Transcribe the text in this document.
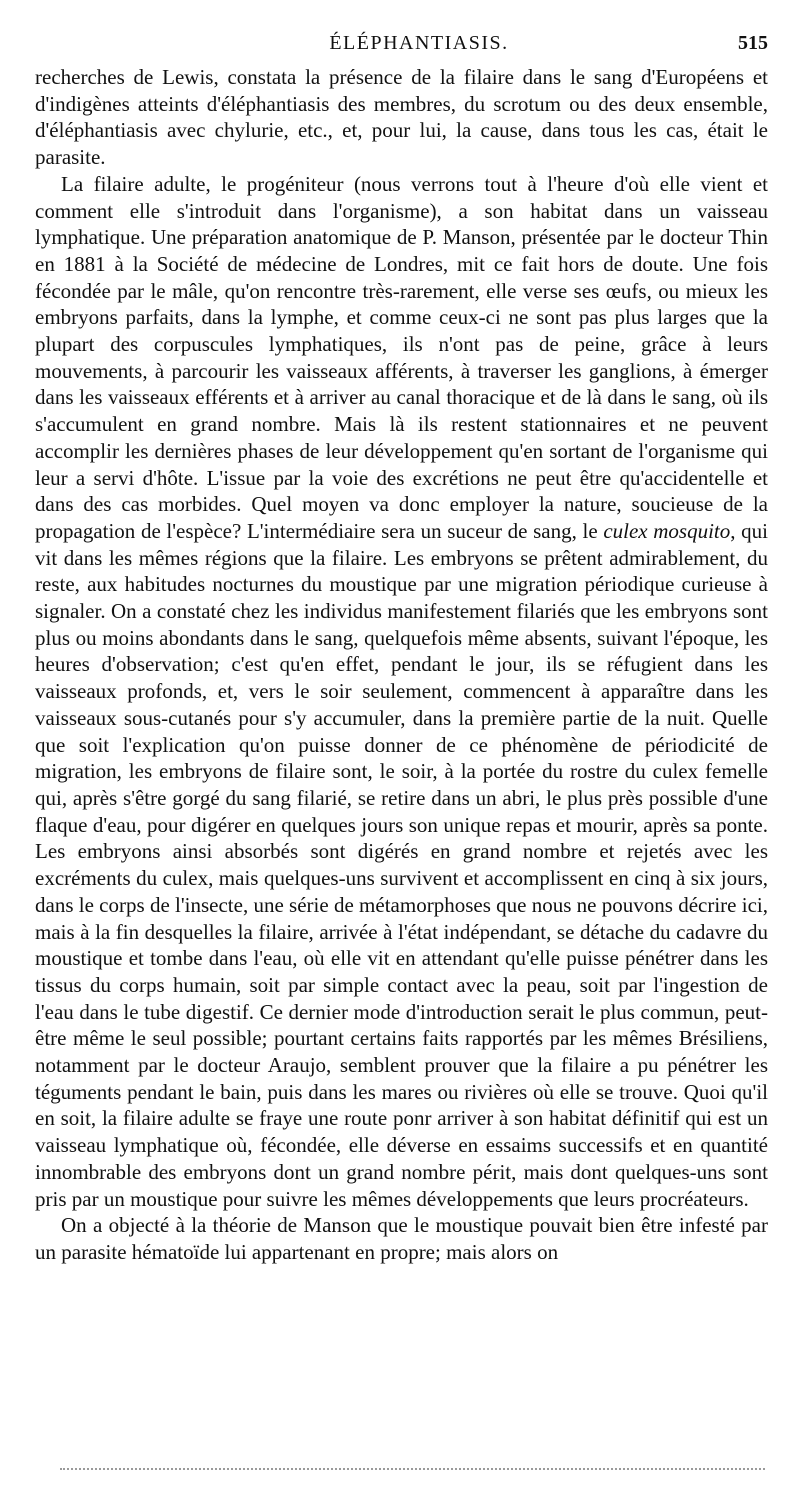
ÉLÉPHANTIASIS.	515

recherches de Lewis, constata la présence de la filaire dans le sang d'Européens et d'indigènes atteints d'éléphantiasis des membres, du scrotum ou des deux ensemble, d'éléphantiasis avec chylurie, etc., et, pour lui, la cause, dans tous les cas, était le parasite.

La filaire adulte, le progéniteur (nous verrons tout à l'heure d'où elle vient et comment elle s'introduit dans l'organisme), a son habitat dans un vaisseau lymphatique. Une préparation anatomique de P. Manson, présentée par le docteur Thin en 1881 à la Société de médecine de Londres, mit ce fait hors de doute. Une fois fécondée par le mâle, qu'on rencontre très-rarement, elle verse ses œufs, ou mieux les embryons parfaits, dans la lymphe, et comme ceux-ci ne sont pas plus larges que la plupart des corpuscules lymphatiques, ils n'ont pas de peine, grâce à leurs mouvements, à parcourir les vaisseaux afférents, à traverser les ganglions, à émerger dans les vaisseaux efférents et à arriver au canal thoracique et de là dans le sang, où ils s'accumulent en grand nombre. Mais là ils restent stationnaires et ne peuvent accomplir les dernières phases de leur développement qu'en sortant de l'organisme qui leur a servi d'hôte. L'issue par la voie des excrétions ne peut être qu'accidentelle et dans des cas morbides. Quel moyen va donc employer la nature, soucieuse de la propagation de l'espèce? L'intermédiaire sera un suceur de sang, le culex mosquito, qui vit dans les mêmes régions que la filaire. Les embryons se prêtent admirablement, du reste, aux habitudes nocturnes du moustique par une migration périodique curieuse à signaler. On a constaté chez les individus manifestement filariés que les embryons sont plus ou moins abondants dans le sang, quelquefois même absents, suivant l'époque, les heures d'observation; c'est qu'en effet, pendant le jour, ils se réfugient dans les vaisseaux profonds, et, vers le soir seulement, commencent à apparaître dans les vaisseaux sous-cutanés pour s'y accumuler, dans la première partie de la nuit. Quelle que soit l'explication qu'on puisse donner de ce phénomène de périodicité de migration, les embryons de filaire sont, le soir, à la portée du rostre du culex femelle qui, après s'être gorgé du sang filarié, se retire dans un abri, le plus près possible d'une flaque d'eau, pour digérer en quelques jours son unique repas et mourir, après sa ponte. Les embryons ainsi absorbés sont digérés en grand nombre et rejetés avec les excréments du culex, mais quelques-uns survivent et accomplissent en cinq à six jours, dans le corps de l'insecte, une série de métamorphoses que nous ne pouvons décrire ici, mais à la fin desquelles la filaire, arrivée à l'état indépendant, se détache du cadavre du moustique et tombe dans l'eau, où elle vit en attendant qu'elle puisse pénétrer dans les tissus du corps humain, soit par simple contact avec la peau, soit par l'ingestion de l'eau dans le tube digestif. Ce dernier mode d'introduction serait le plus commun, peut-être même le seul possible; pourtant certains faits rapportés par les mêmes Brésiliens, notamment par le docteur Araujo, semblent prouver que la filaire a pu pénétrer les téguments pendant le bain, puis dans les mares ou rivières où elle se trouve. Quoi qu'il en soit, la filaire adulte se fraye une route ponr arriver à son habitat définitif qui est un vaisseau lymphatique où, fécondée, elle déverse en essaims successifs et en quantité innombrable des embryons dont un grand nombre périt, mais dont quelques-uns sont pris par un moustique pour suivre les mêmes développements que leurs procréateurs.

On a objecté à la théorie de Manson que le moustique pouvait bien être infesté par un parasite hématoïde lui appartenant en propre; mais alors on
